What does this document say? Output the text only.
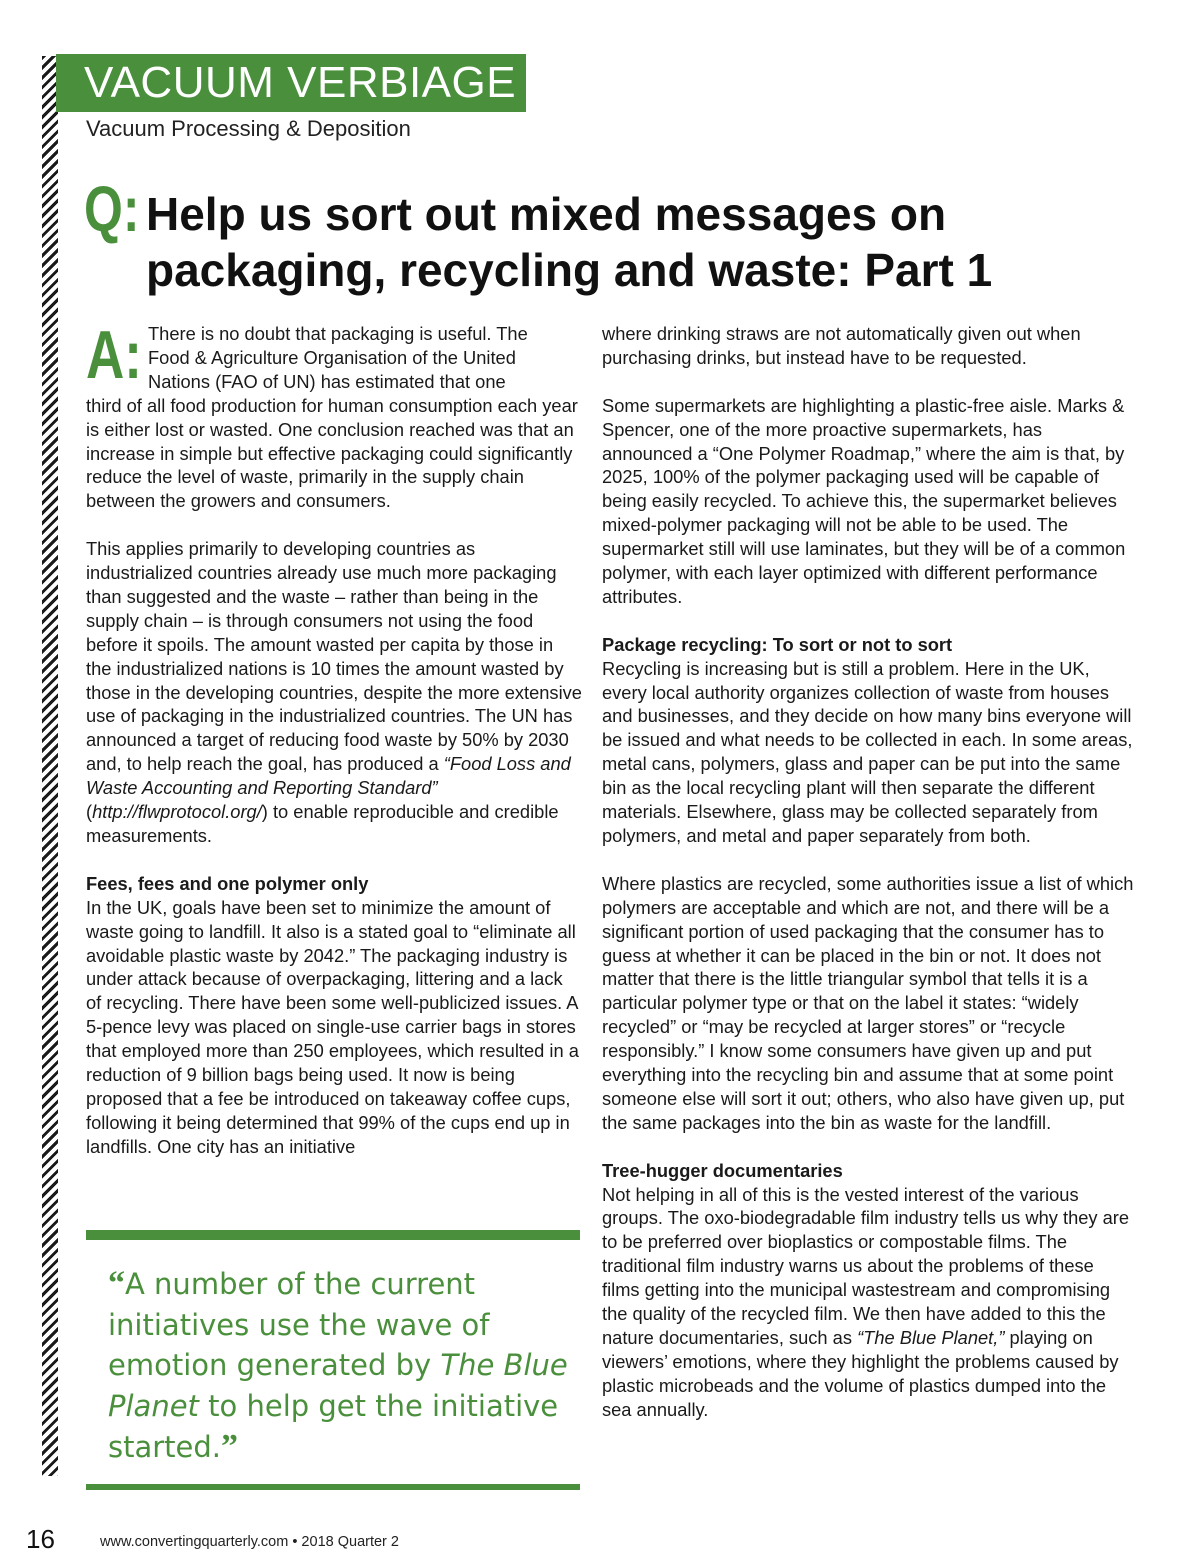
VACUUM VERBIAGE
Vacuum Processing & Deposition
Q: Help us sort out mixed messages on packaging, recycling and waste: Part 1
A: There is no doubt that packaging is useful. The
Food & Agriculture Organisation of the United
Nations (FAO of UN) has estimated that one
third of all food production for human consumption each year is either lost or wasted. One conclusion reached was that an increase in simple but effective packaging could significantly reduce the level of waste, primarily in the supply chain between the growers and consumers.

This applies primarily to developing countries as industrialized countries already use much more packaging than suggested and the waste – rather than being in the supply chain – is through consumers not using the food before it spoils. The amount wasted per capita by those in the industrialized nations is 10 times the amount wasted by those in the developing countries, despite the more extensive use of packaging in the industrialized countries. The UN has announced a target of reducing food waste by 50% by 2030 and, to help reach the goal, has produced a “Food Loss and Waste Accounting and Reporting Standard” (http://flwprotocol.org/) to enable reproducible and credible measurements.

Fees, fees and one polymer only

In the UK, goals have been set to minimize the amount of waste going to landfill. It also is a stated goal to “eliminate all avoidable plastic waste by 2042.” The packaging industry is under attack because of overpackaging, littering and a lack of recycling. There have been some well-publicized issues. A 5-pence levy was placed on single-use carrier bags in stores that employed more than 250 employees, which resulted in a reduction of 9 billion bags being used. It now is being proposed that a fee be introduced on takeaway coffee cups, following it being determined that 99% of the cups end up in landfills. One city has an initiative

“A number of the current initiatives use the wave of emotion generated by The Blue Planet to help get the initiative started.”

where drinking straws are not automatically given out when purchasing drinks, but instead have to be requested.

Some supermarkets are highlighting a plastic-free aisle. Marks & Spencer, one of the more proactive supermarkets, has announced a “One Polymer Roadmap,” where the aim is that, by 2025, 100% of the polymer packaging used will be capable of being easily recycled. To achieve this, the supermarket believes mixed-polymer packaging will not be able to be used. The supermarket still will use laminates, but they will be of a common polymer, with each layer optimized with different performance attributes.

Package recycling: To sort or not to sort

Recycling is increasing but is still a problem. Here in the UK, every local authority organizes collection of waste from houses and businesses, and they decide on how many bins everyone will be issued and what needs to be collected in each. In some areas, metal cans, polymers, glass and paper can be put into the same bin as the local recycling plant will then separate the different materials. Elsewhere, glass may be collected separately from polymers, and metal and paper separately from both.

Where plastics are recycled, some authorities issue a list of which polymers are acceptable and which are not, and there will be a significant portion of used packaging that the consumer has to guess at whether it can be placed in the bin or not. It does not matter that there is the little triangular symbol that tells it is a particular polymer type or that on the label it states: “widely recycled” or “may be recycled at larger stores” or “recycle responsibly.” I know some consumers have given up and put everything into the recycling bin and assume that at some point someone else will sort it out; others, who also have given up, put the same packages into the bin as waste for the landfill.

Tree-hugger documentaries

Not helping in all of this is the vested interest of the various groups. The oxo-biodegradable film industry tells us why they are to be preferred over bioplastics or compostable films. The traditional film industry warns us about the problems of these films getting into the municipal wastestream and compromising the quality of the recycled film. We then have added to this the nature documentaries, such as “The Blue Planet,” playing on viewers’ emotions, where they highlight the problems caused by plastic microbeads and the volume of plastics dumped into the sea annually.

16	www.convertingquarterly.com • 2018 Quarter 2
